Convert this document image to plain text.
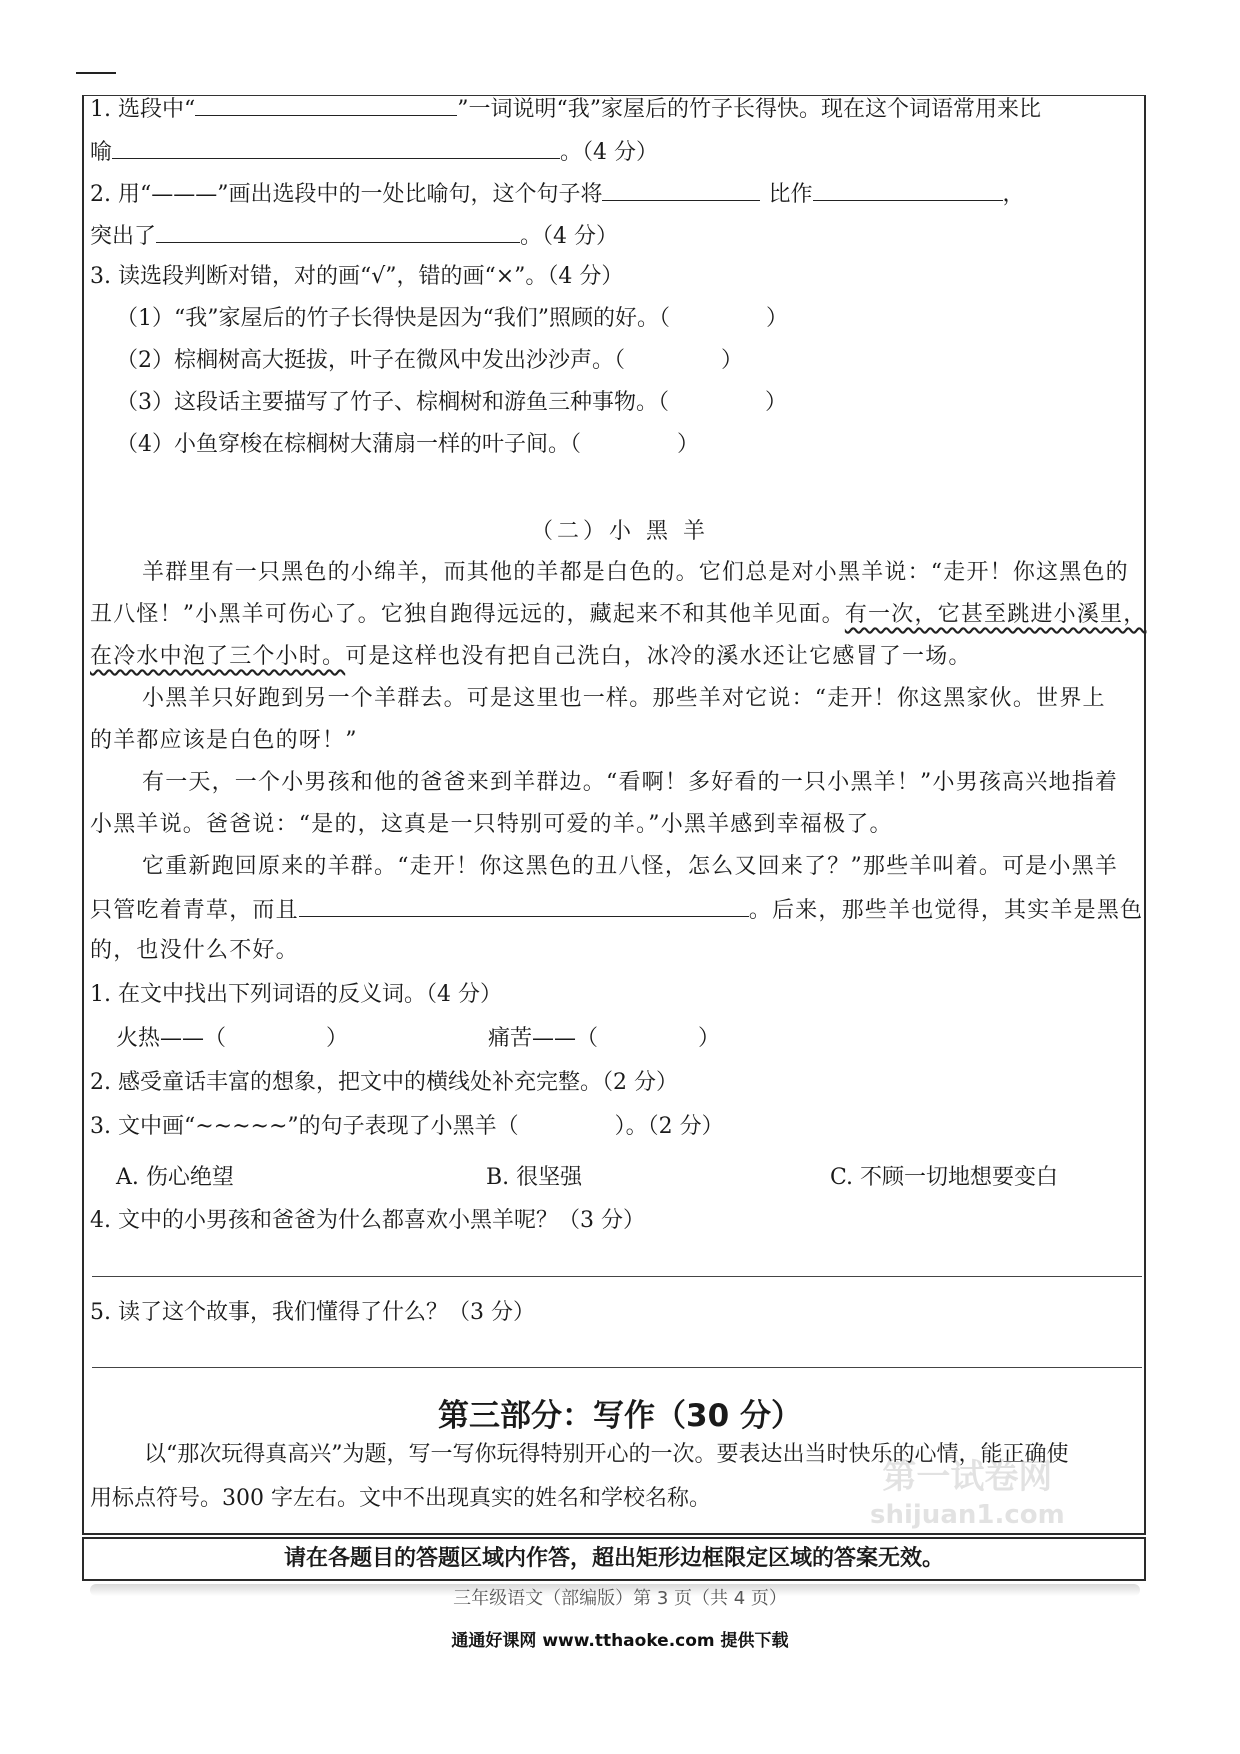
1. 选段中“	”一词说明“我”家屋后的竹子长得快。现在这个词语常用来比
喻	。（4 分）
2. 用“———”画出选段中的一处比喻句，这个句子将	比作	，
突出了	。（4 分）
3. 读选段判断对错，对的画“√”，错的画“×”。（4 分）
（1）“我”家屋后的竹子长得快是因为“我们”照顾的好。（	）
（2）棕榈树高大挺拔，叶子在微风中发出沙沙声。（	）
（3）这段话主要描写了竹子、棕榈树和游鱼三种事物。（	）
（4）小鱼穿梭在棕榈树大蒲扇一样的叶子间。（	）
（二）小 黑 羊
羊群里有一只黑色的小绵羊，而其他的羊都是白色的。它们总是对小黑羊说：“走开！你这黑色的
丑八怪！”小黑羊可伤心了。它独自跑得远远的，藏起来不和其他羊见面。有一次，它甚至跳进小溪里，
在冷水中泡了三个小时。可是这样也没有把自己洗白，冰冷的溪水还让它感冒了一场。
小黑羊只好跑到另一个羊群去。可是这里也一样。那些羊对它说：“走开！你这黑家伙。世界上
的羊都应该是白色的呀！”
有一天，一个小男孩和他的爸爸来到羊群边。“看啊！多好看的一只小黑羊！”小男孩高兴地指着
小黑羊说。爸爸说：“是的，这真是一只特别可爱的羊。”小黑羊感到幸福极了。
它重新跑回原来的羊群。“走开！你这黑色的丑八怪，怎么又回来了？”那些羊叫着。可是小黑羊
只管吃着青草，而且	。后来，那些羊也觉得，其实羊是黑色
的，也没什么不好。
1. 在文中找出下列词语的反义词。（4 分）
火热——（	）	痛苦——（	）
2. 感受童话丰富的想象，把文中的横线处补充完整。（2 分）
3. 文中画“~~~~~”的句子表现了小黑羊（	）。（2 分）
A. 伤心绝望	B. 很坚强	C. 不顾一切地想要变白
4. 文中的小男孩和爸爸为什么都喜欢小黑羊呢？（3 分）
5. 读了这个故事，我们懂得了什么？（3 分）
第三部分：写作（30 分）
以“那次玩得真高兴”为题，写一写你玩得特别开心的一次。要表达出当时快乐的心情，能正确使
用标点符号。300 字左右。文中不出现真实的姓名和学校名称。
第一试卷网
shijuan1.com
请在各题目的答题区域内作答，超出矩形边框限定区域的答案无效。
三年级语文（部编版）第 3 页（共 4 页）
通通好课网 www.tthaoke.com 提供下载
